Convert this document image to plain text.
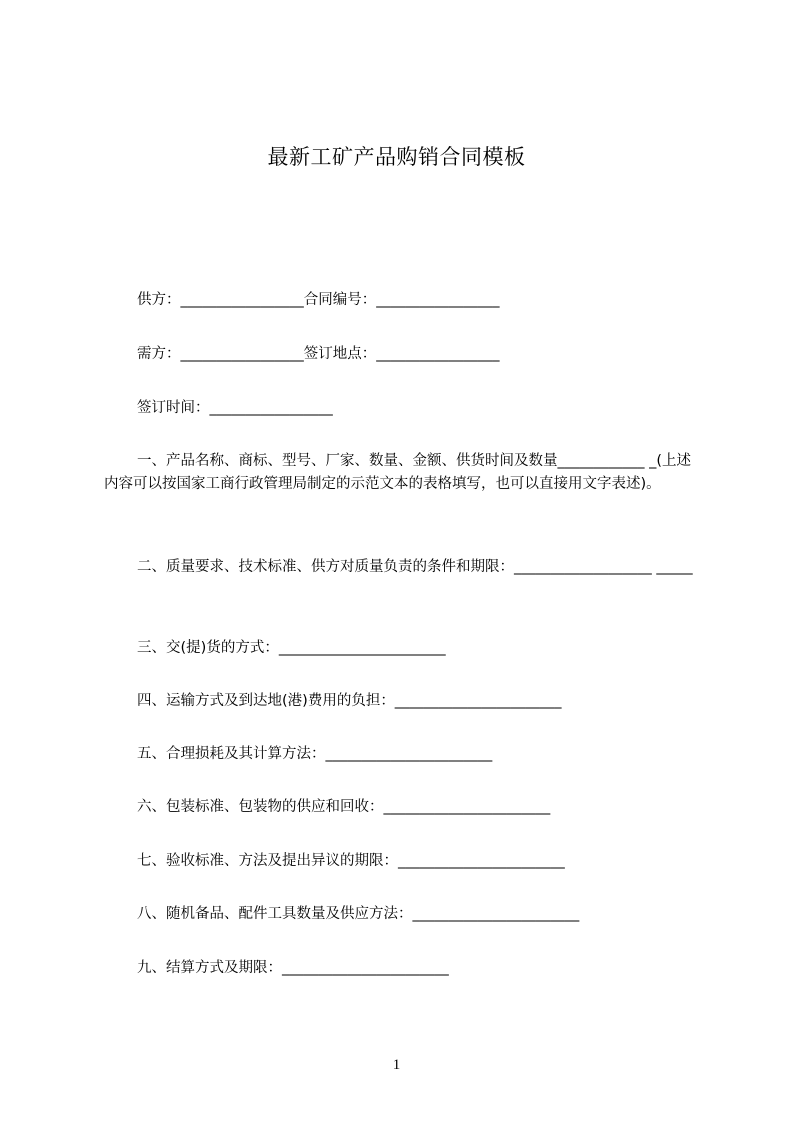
最新工矿产品购销合同模板
供方：_________________合同编号：_________________
需方：_________________签订地点：_________________
签订时间：_________________
一、产品名称、商标、型号、厂家、数量、金额、供货时间及数量____________ _(上述内容可以按国家工商行政管理局制定的示范文本的表格填写，也可以直接用文字表述)。
二、质量要求、技术标准、供方对质量负责的条件和期限：___________________ _____
三、交(提)货的方式：_______________________
四、运输方式及到达地(港)费用的负担：_______________________
五、合理损耗及其计算方法：_______________________
六、包装标准、包装物的供应和回收：_______________________
七、验收标准、方法及提出异议的期限：_______________________
八、随机备品、配件工具数量及供应方法：_______________________
九、结算方式及期限：_______________________
1
